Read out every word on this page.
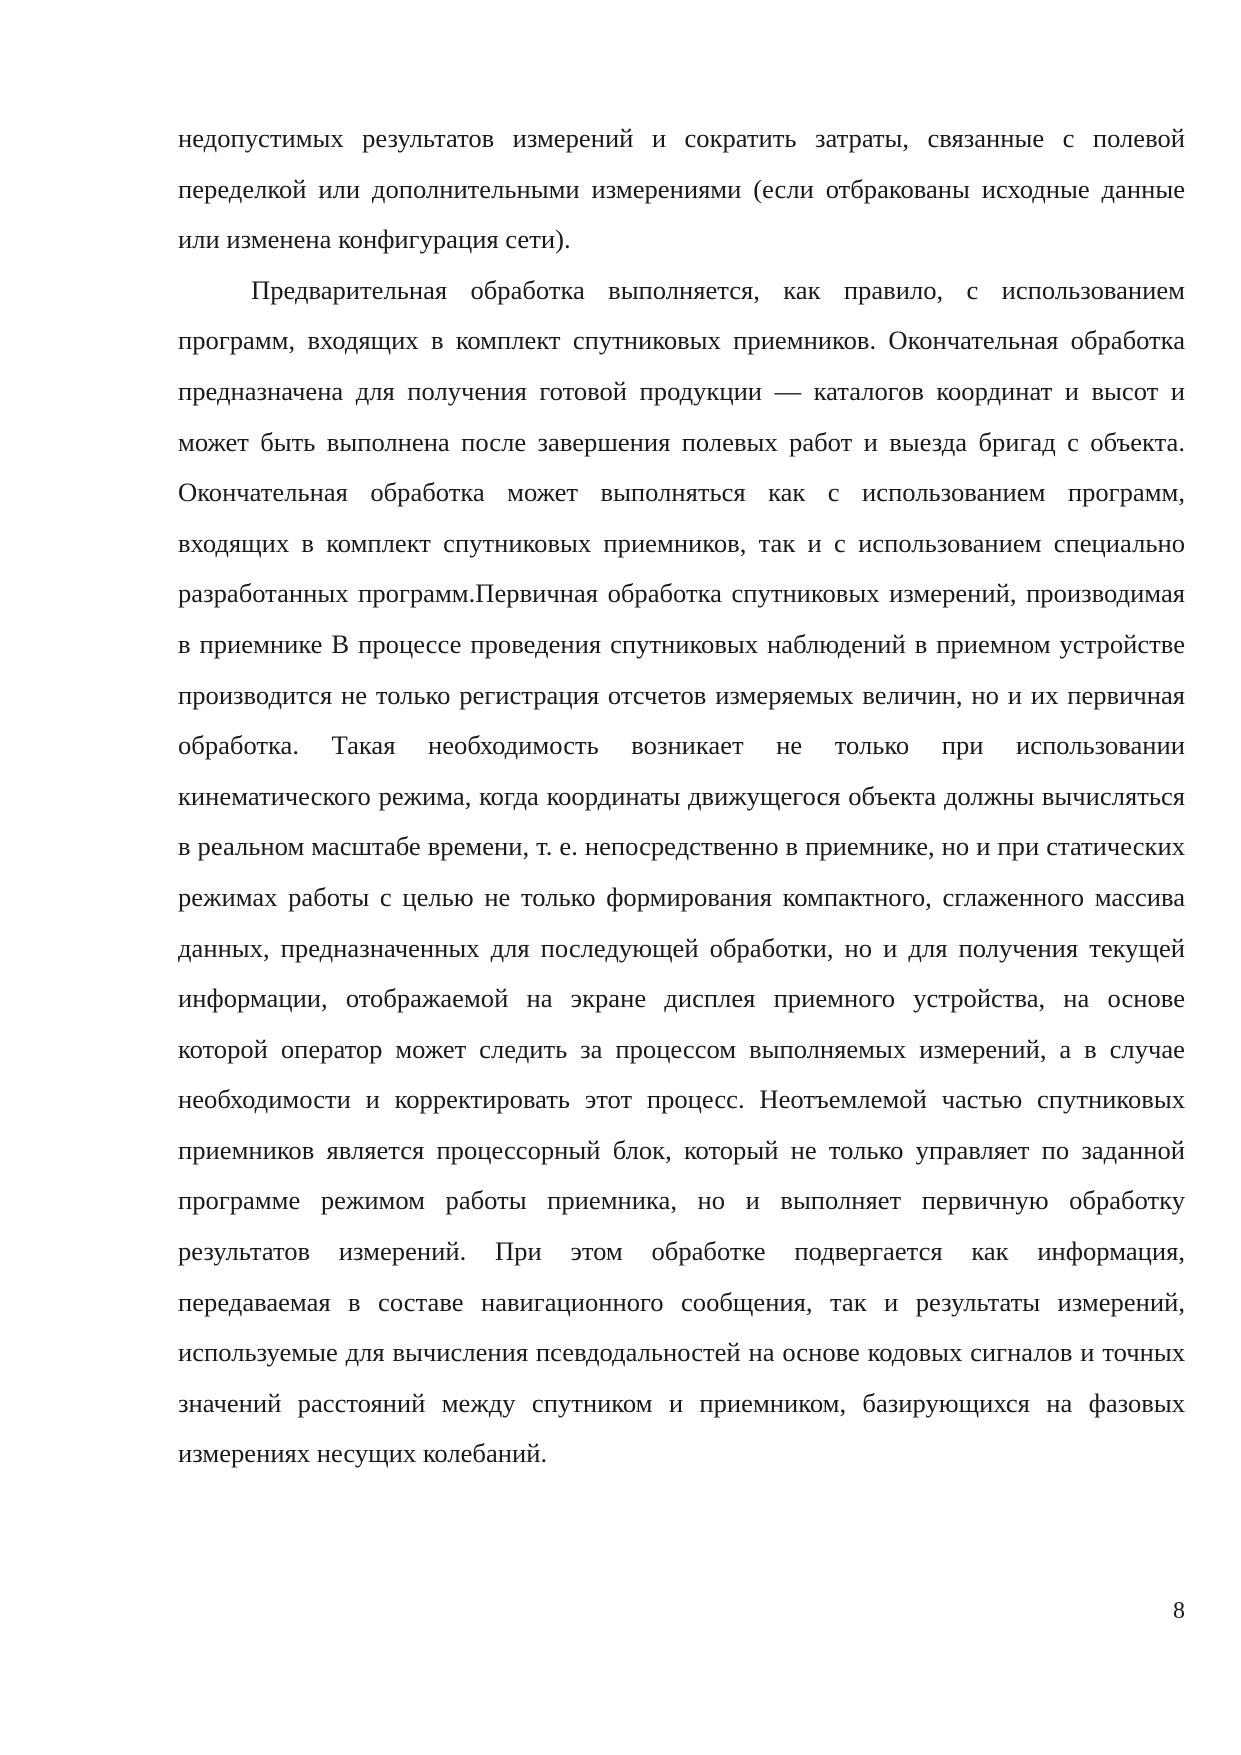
недопустимых результатов измерений и сократить затраты, связанные с полевой переделкой или дополнительными измерениями (если отбракованы исходные данные или изменена конфигурация сети).

Предварительная обработка выполняется, как правило, с использованием программ, входящих в комплект спутниковых приемников. Окончательная обработка предназначена для получения готовой продукции — каталогов координат и высот и может быть выполнена после завершения полевых работ и выезда бригад с объекта. Окончательная обработка может выполняться как с использованием программ, входящих в комплект спутниковых приемников, так и с использованием специально разработанных программ.Первичная обработка спутниковых измерений, производимая в приемнике В процессе проведения спутниковых наблюдений в приемном устройстве производится не только регистрация отсчетов измеряемых величин, но и их первичная обработка. Такая необходимость возникает не только при использовании кинематического режима, когда координаты движущегося объекта должны вычисляться в реальном масштабе времени, т. е. непосредственно в приемнике, но и при статических режимах работы с целью не только формирования компактного, сглаженного массива данных, предназначенных для последующей обработки, но и для получения текущей информации, отображаемой на экране дисплея приемного устройства, на основе которой оператор может следить за процессом выполняемых измерений, а в случае необходимости и корректировать этот процесс. Неотъемлемой частью спутниковых приемников является процессорный блок, который не только управляет по заданной программе режимом работы приемника, но и выполняет первичную обработку результатов измерений. При этом обработке подвергается как информация, передаваемая в составе навигационного сообщения, так и результаты измерений, используемые для вычисления псевдодальностей на основе кодовых сигналов и точных значений расстояний между спутником и приемником, базирующихся на фазовых измерениях несущих колебаний.

8
